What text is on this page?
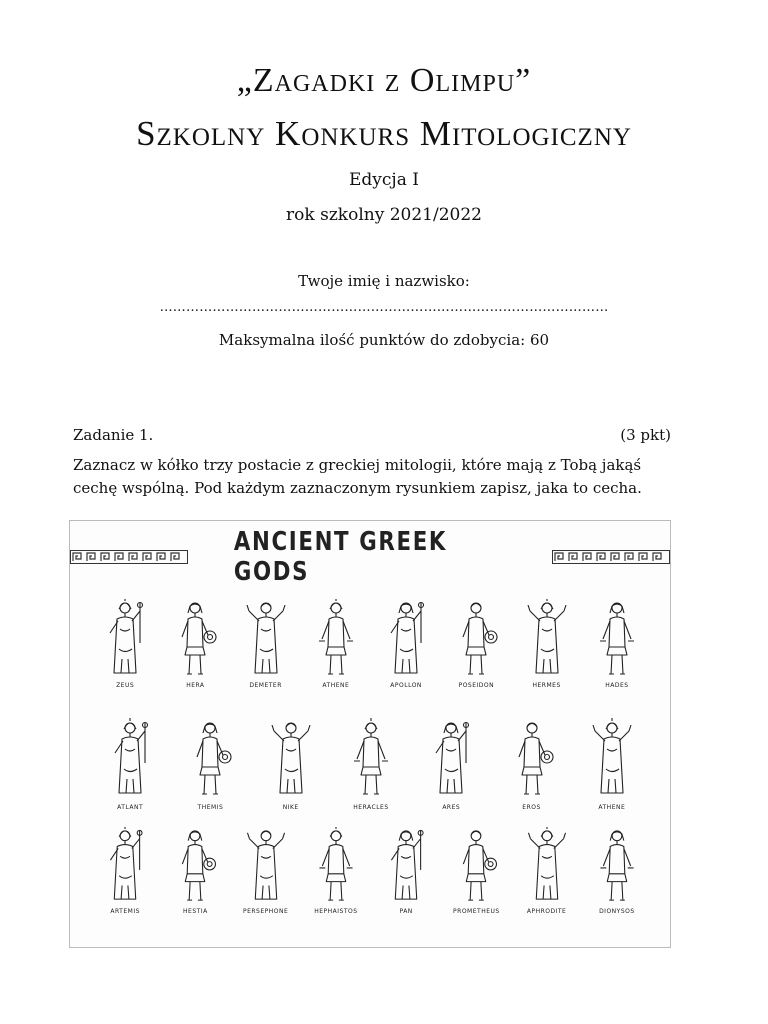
„Zagadki z Olimpu”
Szkolny Konkurs Mitologiczny
Edycja I
rok szkolny 2021/2022
Twoje imię i nazwisko:
…………………………………………………………………………………………
Maksymalna ilość punktów do zdobycia: 60
Zadanie 1.	(3 pkt)
Zaznacz w kółko trzy postacie z greckiej mitologii, które mają z Tobą jakąś cechę wspólną. Pod każdym zaznaczonym rysunkiem zapisz, jaka to cecha.
ANCIENT GREEK GODS
ZEUS	HERA	DEMETER	ATHENE	APOLLON	POSEIDON	HERMES	HADES
ATLANT	THEMIS	NIKE	HERACLES	ARES	EROS	ATHENE
ARTEMIS	HESTIA	PERSEPHONE	HEPHAISTOS	PAN	PROMETHEUS	APHRODITE	DIONYSOS
